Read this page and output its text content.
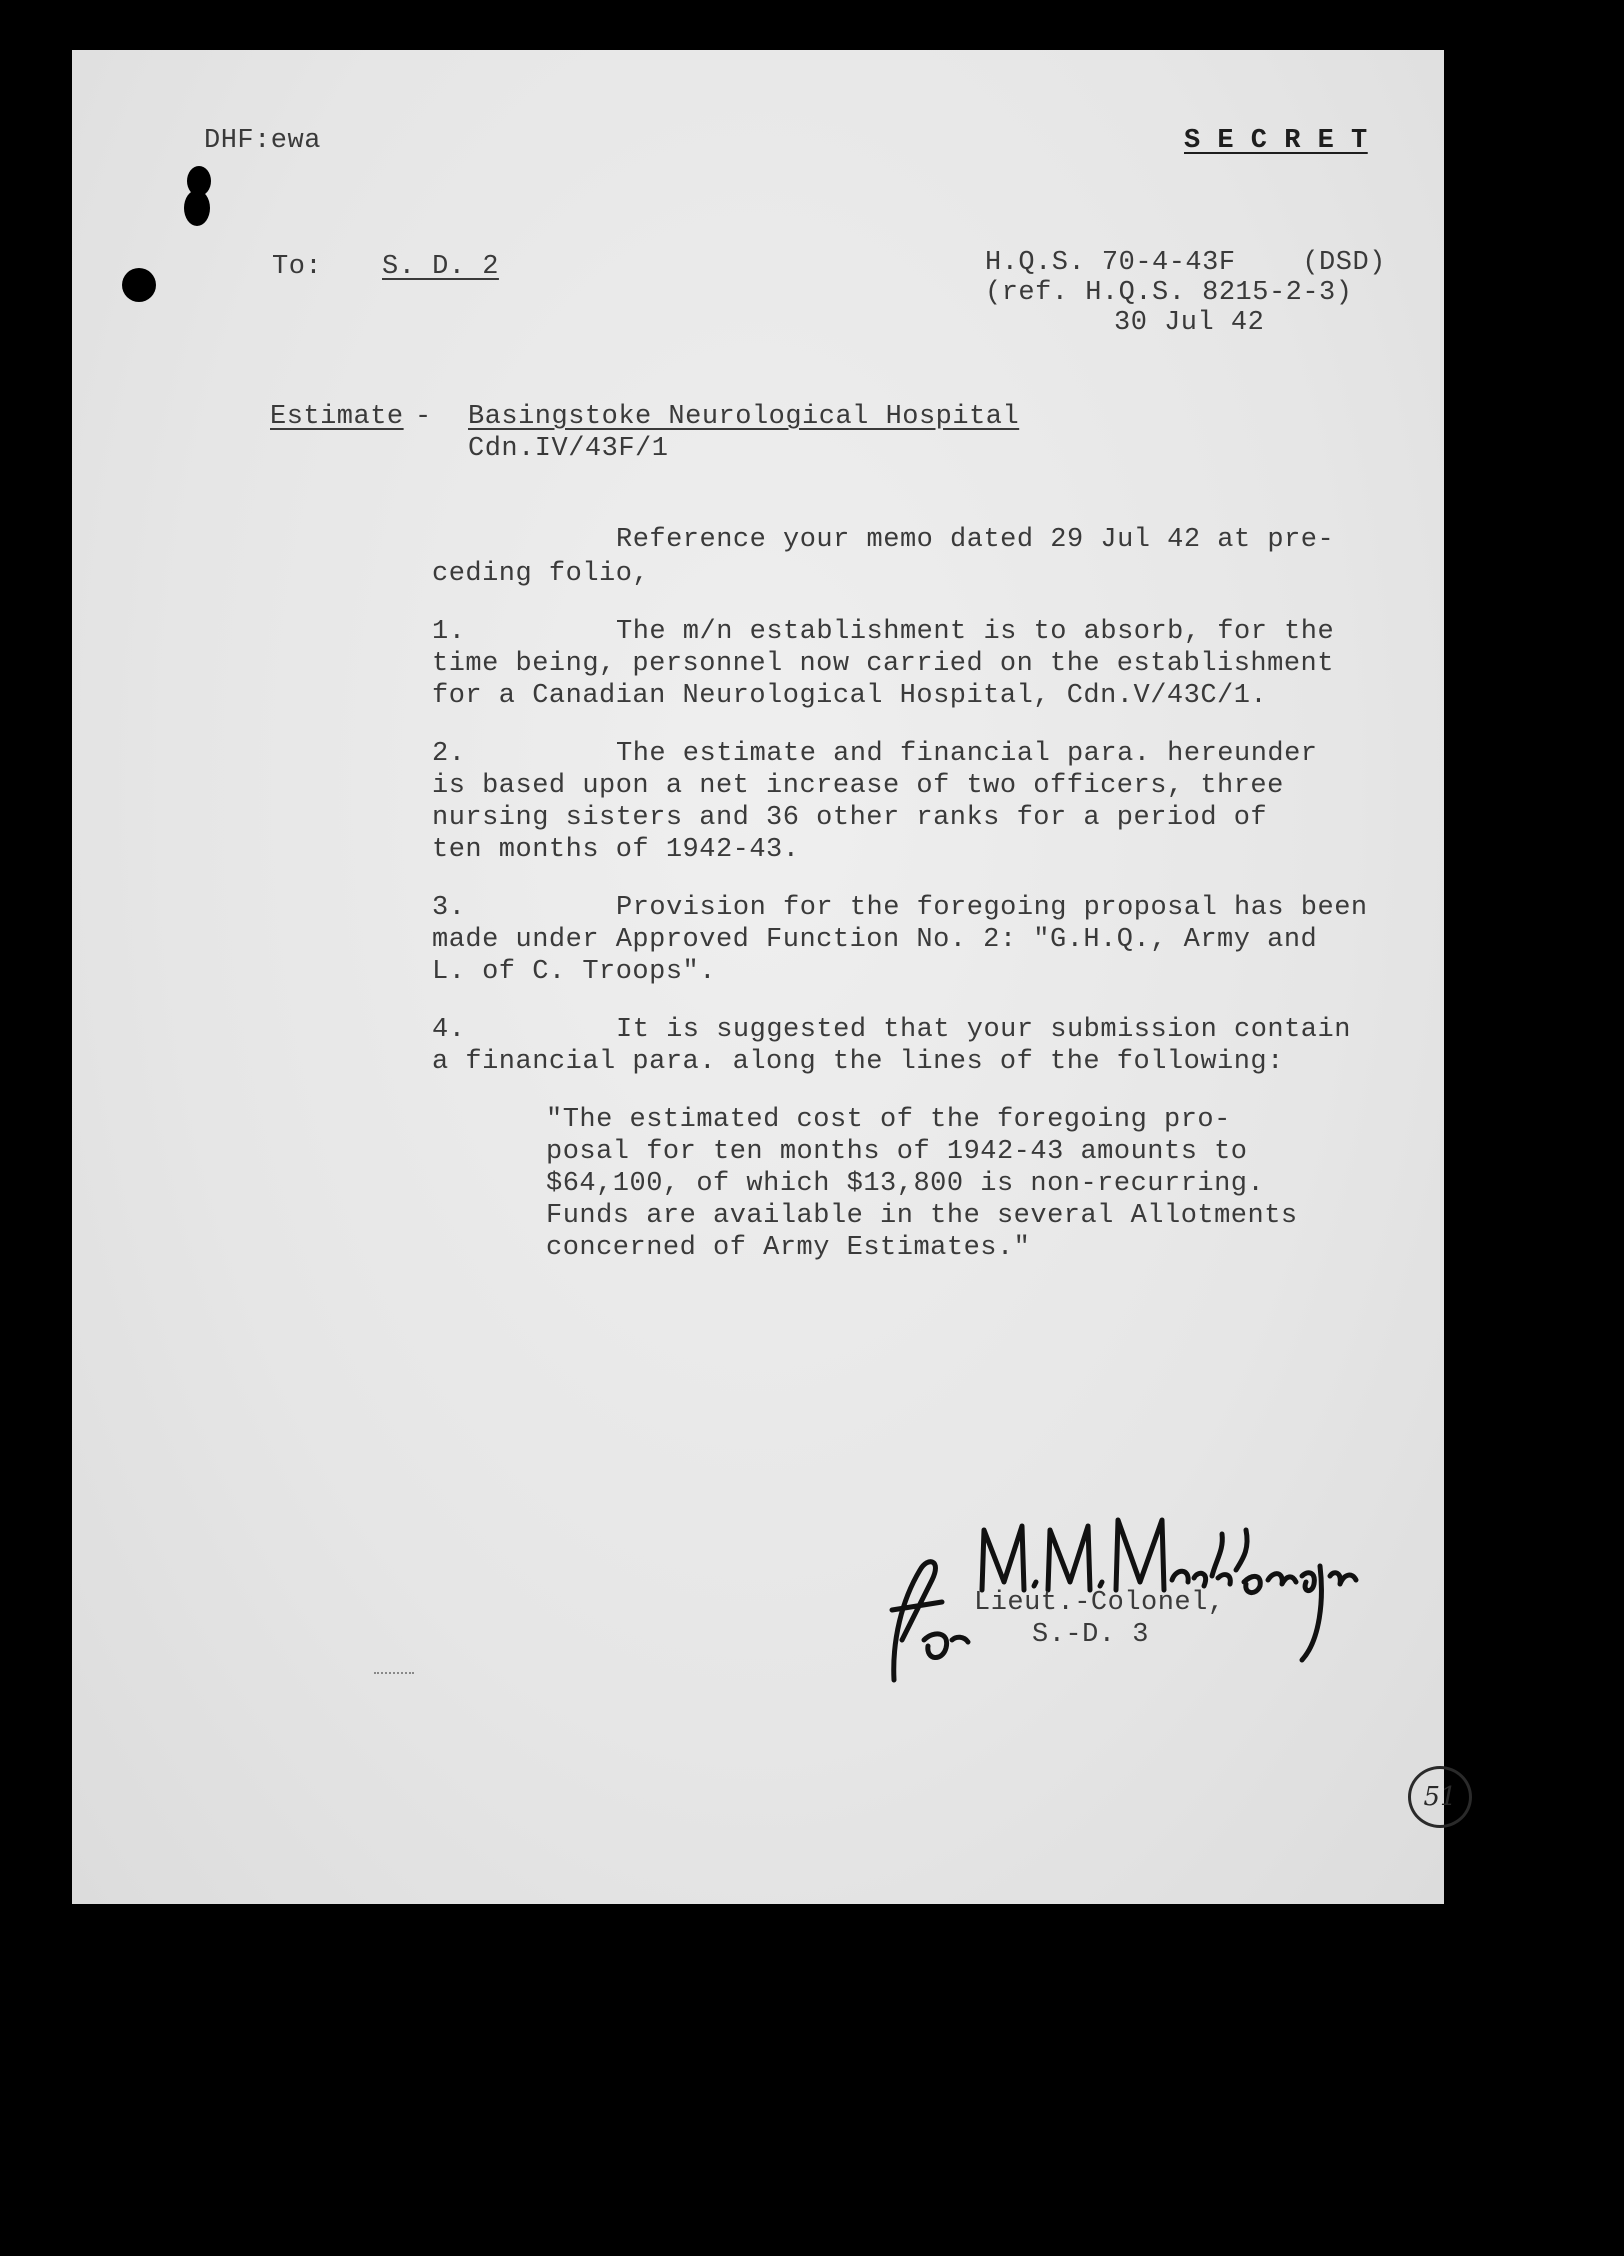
DHF:ewa	S E C R E T
To: S. D. 2	H.Q.S. 70-4-43F    (DSD)
(ref. H.Q.S. 8215-2-3)
30 Jul 42
Estimate - Basingstoke Neurological Hospital
Cdn.IV/43F/1
Reference your memo dated 29 Jul 42 at pre-
ceding folio,
1.	The m/n establishment is to absorb, for the
time being, personnel now carried on the establishment
for a Canadian Neurological Hospital, Cdn.V/43C/1.
2.	The estimate and financial para. hereunder
is based upon a net increase of two officers, three
nursing sisters and 36 other ranks for a period of
ten months of 1942-43.
3.	Provision for the foregoing proposal has been
made under Approved Function No. 2: "G.H.Q., Army and
L. of C. Troops".
4.	It is suggested that your submission contain
a financial para. along the lines of the following:
"The estimated cost of the foregoing pro-
posal for ten months of 1942-43 amounts to
$64,100, of which $13,800 is non-recurring.
Funds are available in the several Allotments
concerned of Army Estimates."
Lieut.-Colonel,
S.-D. 3
51
